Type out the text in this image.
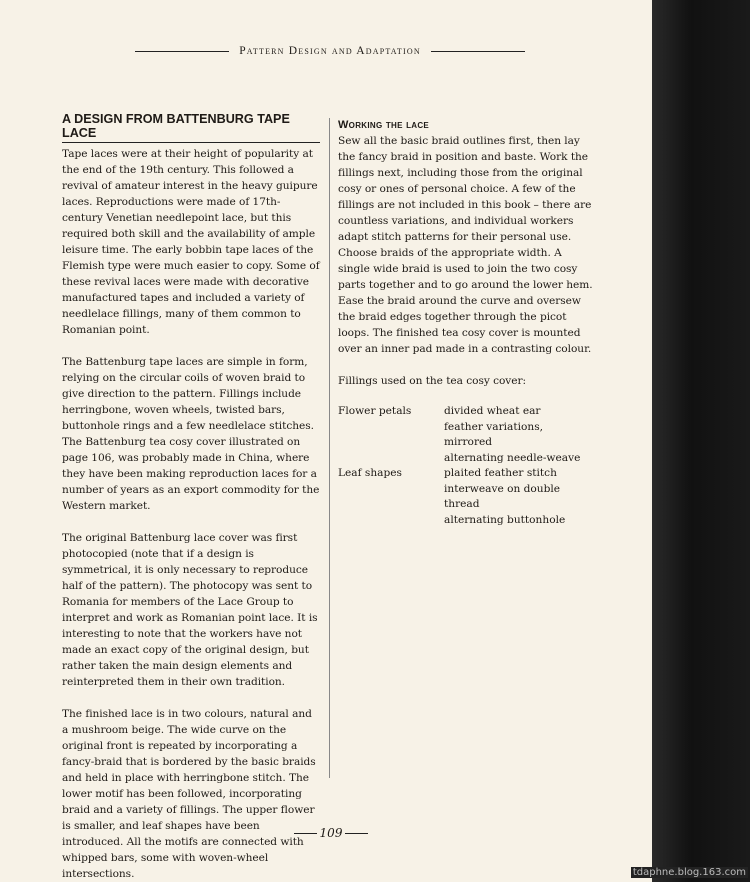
Pattern Design and Adaptation
A DESIGN FROM BATTENBURG TAPE LACE

Tape laces were at their height of popularity at the end of the 19th century. This followed a revival of amateur interest in the heavy guipure laces. Reproductions were made of 17th-century Venetian needlepoint lace, but this required both skill and the availability of ample leisure time. The early bobbin tape laces of the Flemish type were much easier to copy. Some of these revival laces were made with decorative manufactured tapes and included a variety of needlelace fillings, many of them common to Romanian point.

The Battenburg tape laces are simple in form, relying on the circular coils of woven braid to give direction to the pattern. Fillings include herringbone, woven wheels, twisted bars, buttonhole rings and a few needlelace stitches. The Battenburg tea cosy cover illustrated on page 106, was probably made in China, where they have been making reproduction laces for a number of years as an export commodity for the Western market.

The original Battenburg lace cover was first photocopied (note that if a design is symmetrical, it is only necessary to reproduce half of the pattern). The photocopy was sent to Romania for members of the Lace Group to interpret and work as Romanian point lace. It is interesting to note that the workers have not made an exact copy of the original design, but rather taken the main design elements and reinterpreted them in their own tradition.

The finished lace is in two colours, natural and a mushroom beige. The wide curve on the original front is repeated by incorporating a fancy-braid that is bordered by the basic braids and held in place with herringbone stitch. The lower motif has been followed, incorporating braid and a variety of fillings. The upper flower is smaller, and leaf shapes have been introduced. All the motifs are connected with whipped bars, some with woven-wheel intersections.

Working the lace

Sew all the basic braid outlines first, then lay the fancy braid in position and baste. Work the fillings next, including those from the original cosy or ones of personal choice. A few of the fillings are not included in this book – there are countless variations, and individual workers adapt stitch patterns for their personal use. Choose braids of the appropriate width. A single wide braid is used to join the two cosy parts together and to go around the lower hem. Ease the braid around the curve and oversew the braid edges together through the picot loops. The finished tea cosy cover is mounted over an inner pad made in a contrasting colour.

Fillings used on the tea cosy cover:

Flower petals	divided wheat ear
feather variations, mirrored
alternating needle-weave
Leaf shapes	plaited feather stitch
interweave on double thread
alternating buttonhole
109
tdaphne.blog.163.com
